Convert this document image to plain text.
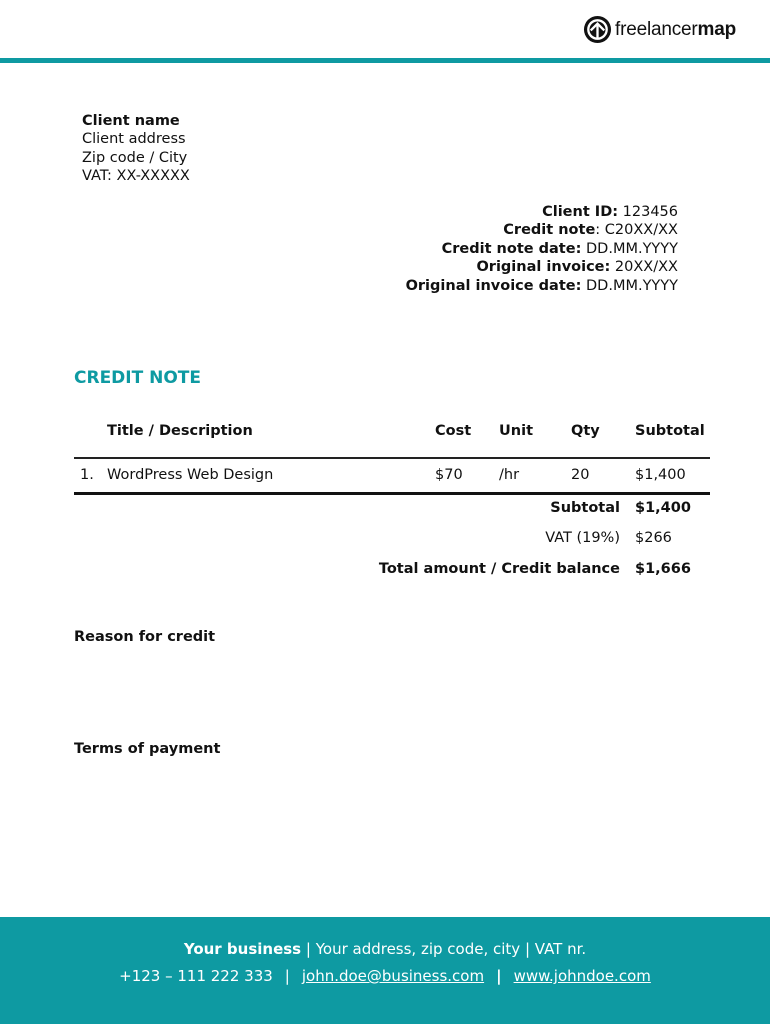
freelancermap
Client name
Client address
Zip code / City
VAT: XX-XXXXX
Client ID: 123456
Credit note: C20XX/XX
Credit note date: DD.MM.YYYY
Original invoice: 20XX/XX
Original invoice date: DD.MM.YYYY
CREDIT NOTE
Title / Description	Cost Unit	Qty Subtotal
1. WordPress Web Design	$70	/hr	20	$1,400
Subtotal $1,400
VAT (19%) $266
Total amount / Credit balance $1,666
Reason for credit
Terms of payment
Your business | Your address, zip code, city | VAT nr.
+123 – 111 222 333 | john.doe@business.com | www.johndoe.com
